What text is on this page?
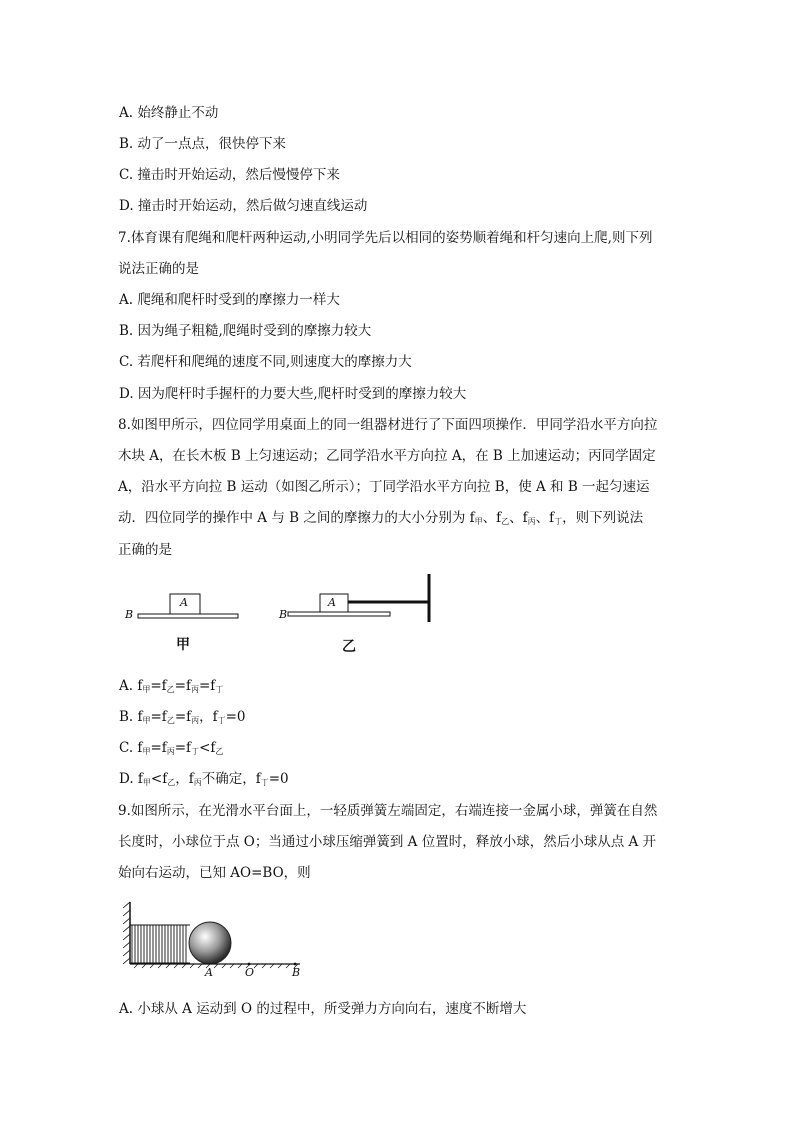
A. 始终静止不动
B. 动了一点点，很快停下来
C. 撞击时开始运动，然后慢慢停下来
D. 撞击时开始运动，然后做匀速直线运动
7.体育课有爬绳和爬杆两种运动,小明同学先后以相同的姿势顺着绳和杆匀速向上爬,则下列
说法正确的是
A. 爬绳和爬杆时受到的摩擦力一样大
B. 因为绳子粗糙,爬绳时受到的摩擦力较大
C. 若爬杆和爬绳的速度不同,则速度大的摩擦力大
D. 因为爬杆时手握杆的力要大些,爬杆时受到的摩擦力较大
8.如图甲所示，四位同学用桌面上的同一组器材进行了下面四项操作．甲同学沿水平方向拉
木块 A，在长木板 B 上匀速运动；乙同学沿水平方向拉 A，在 B 上加速运动；丙同学固定
A，沿水平方向拉 B 运动（如图乙所示）；丁同学沿水平方向拉 B，使 A 和 B 一起匀速运
动．四位同学的操作中 A 与 B 之间的摩擦力的大小分别为 $f_甲$、$f_乙$、$f_丙$、$f_丁$，则下列说法
正确的是
A
B
甲
A
B
乙
A. $f_甲=f_乙=f_丙=f_丁$
B. $f_甲=f_乙=f_丙$，$f_丁=0$
C. $f_甲=f_丙=f_丁<f_乙$
D. $f_甲<f_乙$，$f_丙$不确定，$f_丁=0$
9.如图所示，在光滑水平台面上，一轻质弹簧左端固定，右端连接一金属小球，弹簧在自然
长度时，小球位于点 O；当通过小球压缩弹簧到 A 位置时，释放小球，然后小球从点 A 开
始向右运动，已知 AO=BO，则
A	O	B
A. 小球从 A 运动到 O 的过程中，所受弹力方向向右，速度不断增大
